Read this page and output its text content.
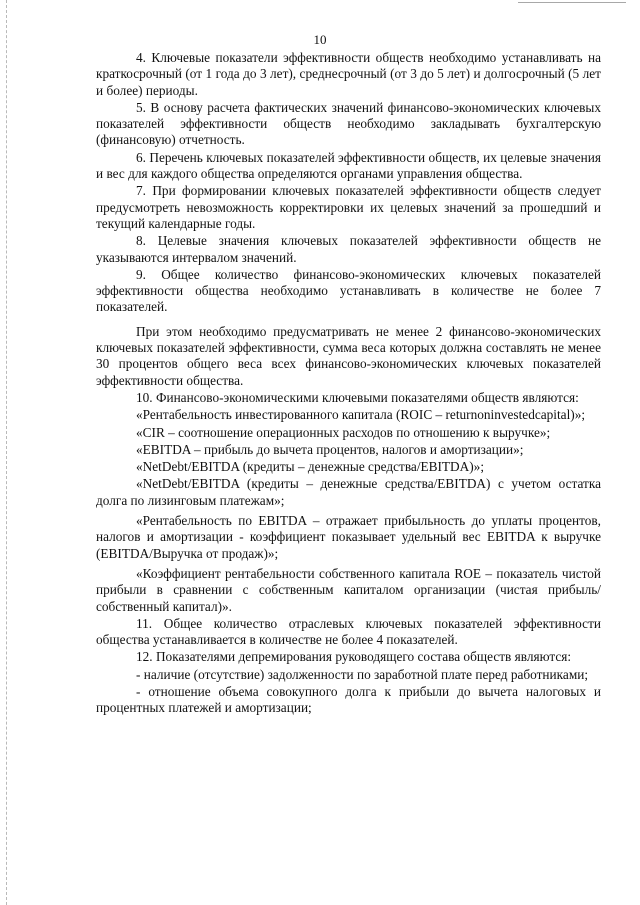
10

4. Ключевые показатели эффективности обществ необходимо устанавливать на краткосрочный (от 1 года до 3 лет), среднесрочный (от 3 до 5 лет) и долгосрочный (5 лет и более) периоды.

5. В основу расчета фактических значений финансово-экономических ключевых показателей эффективности обществ необходимо закладывать бухгалтерскую (финансовую) отчетность.

6. Перечень ключевых показателей эффективности обществ, их целевые значения и вес для каждого общества определяются органами управления общества.

7. При формировании ключевых показателей эффективности обществ следует предусмотреть невозможность корректировки их целевых значений за прошедший и текущий календарные годы.

8. Целевые значения ключевых показателей эффективности обществ не указываются интервалом значений.

9. Общее количество финансово-экономических ключевых показателей эффективности общества необходимо устанавливать в количестве не более 7 показателей.

При этом необходимо предусматривать не менее 2 финансово-экономических ключевых показателей эффективности, сумма веса которых должна составлять не менее 30 процентов общего веса всех финансово-экономических ключевых показателей эффективности общества.

10. Финансово-экономическими ключевыми показателями обществ являются:

«Рентабельность инвестированного капитала (ROIC – returnoninvestedcapital)»;

«CIR – соотношение операционных расходов по отношению к выручке»;

«EBITDA – прибыль до вычета процентов, налогов и амортизации»;

«NetDebt/EBITDA (кредиты – денежные средства/EBITDA)»;

«NetDebt/EBITDA (кредиты – денежные средства/EBITDA) с учетом остатка долга по лизинговым платежам»;

«Рентабельность по EBITDA – отражает прибыльность до уплаты процентов, налогов и амортизации - коэффициент показывает удельный вес EBITDA к выручке (EBITDA/Выручка от продаж)»;

«Коэффициент рентабельности собственного капитала ROE – показатель чистой прибыли в сравнении с собственным капиталом организации (чистая прибыль/собственный капитал)».

11. Общее количество отраслевых ключевых показателей эффективности общества устанавливается в количестве не более 4 показателей.

12. Показателями депремирования руководящего состава обществ являются:

- наличие (отсутствие) задолженности по заработной плате перед работниками;

- отношение объема совокупного долга к прибыли до вычета налоговых и процентных платежей и амортизации;
